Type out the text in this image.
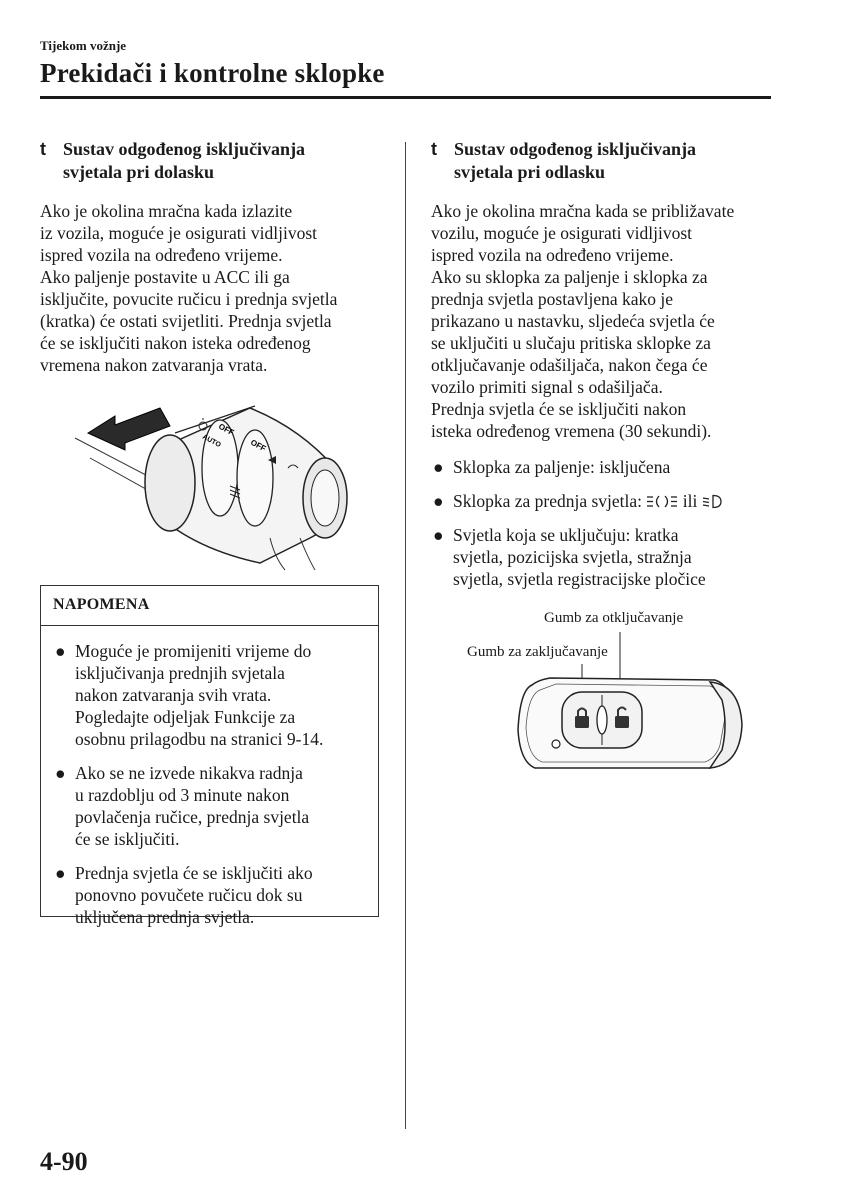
Tijekom vožnje
Prekidači i kontrolne sklopke
t Sustav odgođenog isključivanja
svjetala pri dolasku
Ako je okolina mračna kada izlazite
iz vozila, moguće je osigurati vidljivost
ispred vozila na određeno vrijeme.
Ako paljenje postavite u ACC ili ga
isključite, povucite ručicu i prednja svjetla
(kratka) će ostati svijetliti. Prednja svjetla
će se isključiti nakon isteka određenog
vremena nakon zatvaranja vrata.
OFF
AUTO	OFF
NAPOMENA
● Moguće je promijeniti vrijeme do
isključivanja prednjih svjetala
nakon zatvaranja svih vrata.
Pogledajte odjeljak Funkcije za
osobnu prilagodbu na stranici 9-14.
● Ako se ne izvede nikakva radnja
u razdoblju od 3 minute nakon
povlačenja ručice, prednja svjetla
će se isključiti.
● Prednja svjetla će se isključiti ako
ponovno povučete ručicu dok su
uključena prednja svjetla.
t Sustav odgođenog isključivanja
svjetala pri odlasku
Ako je okolina mračna kada se približavate
vozilu, moguće je osigurati vidljivost
ispred vozila na određeno vrijeme.
Ako su sklopka za paljenje i sklopka za
prednja svjetla postavljena kako je
prikazano u nastavku, sljedeća svjetla će
se uključiti u slučaju pritiska sklopke za
otključavanje odašiljača, nakon čega će
vozilo primiti signal s odašiljača.
Prednja svjetla će se isključiti nakon
isteka određenog vremena (30 sekundi).
● Sklopka za paljenje: isključena
● Sklopka za prednja svjetla: ili
● Svjetla koja se uključuju: kratka
svjetla, pozicijska svjetla, stražnja
svjetla, svjetla registracijske pločice
Gumb za otključavanje
Gumb za zaključavanje
4-90
